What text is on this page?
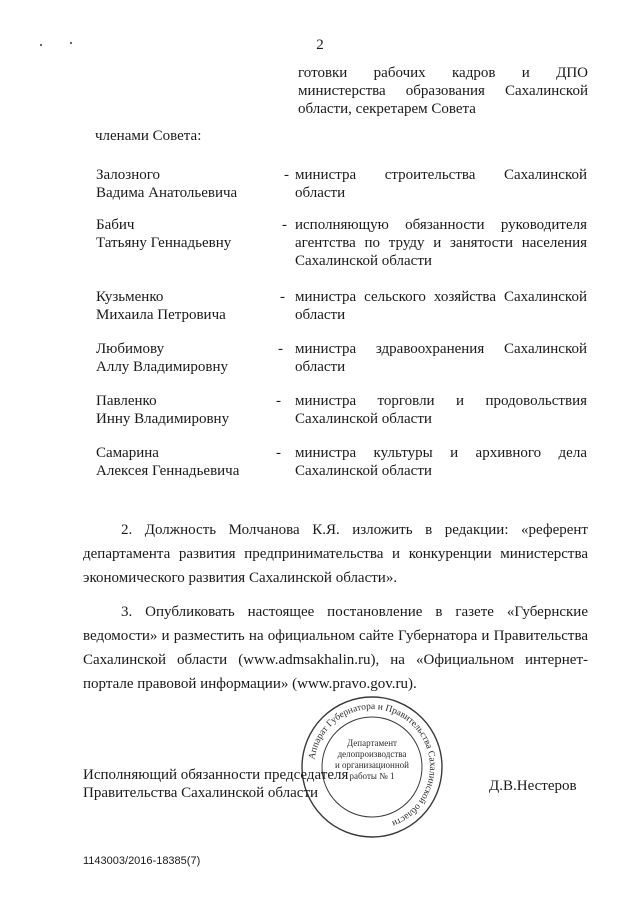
2
готовки рабочих кадров и ДПО министерства образования Сахалинской области, секретарем Совета
членами Совета:
Залозного
Вадима Анатольевича
- министра строительства Сахалинской области
Бабич
Татьяну Геннадьевну
- исполняющую обязанности руководителя агентства по труду и занятости населения Сахалинской области
Кузьменко
Михаила Петровича
- министра сельского хозяйства Сахалинской области
Любимову
Аллу Владимировну
- министра здравоохранения Сахалинской области
Павленко
Инну Владимировну
- министра торговли и продовольствия Сахалинской области
Самарина
Алексея Геннадьевича
- министра культуры и архивного дела Сахалинской области
2. Должность Молчанова К.Я. изложить в редакции: «референт департамента развития предпринимательства и конкуренции министерства экономического развития Сахалинской области».
3. Опубликовать настоящее постановление в газете «Губернские ведомости» и разместить на официальном сайте Губернатора и Правительства Сахалинской области (www.admsakhalin.ru), на «Официальном интернет-портале правовой информации» (www.pravo.gov.ru).
Аппарат Губернатора и Правительства Сахалинской области
Департамент
делопроизводства
и организационной
работы № 1
Исполняющий обязанности председателя
Правительства Сахалинской области	Д.В.Нестеров
1143003/2016-18385(7)
